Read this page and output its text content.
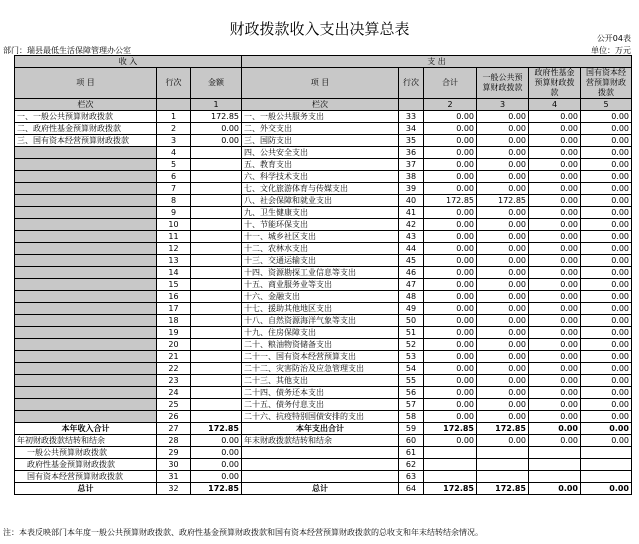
财政拨款收入支出决算总表
公开04表
部门：瑞县最低生活保障管理办公室	单位：万元
收 入			支 出					
项 目	行次	金额	项 目	行次	合计	一般公共预算财政拨款	政府性基金预算财政拨款	国有资本经营预算财政拨款
栏次		1	栏次		2	3	4	5
一、一般公共预算财政拨款	1	172.85	一、一般公共服务支出	33	0.00	0.00	0.00	0.00
二、政府性基金预算财政拨款	2	0.00	二、外交支出	34	0.00	0.00	0.00	0.00
三、国有资本经营预算财政拨款	3	0.00	三、国防支出	35	0.00	0.00	0.00	0.00
	4		四、公共安全支出	36	0.00	0.00	0.00	0.00
	5		五、教育支出	37	0.00	0.00	0.00	0.00
	6		六、科学技术支出	38	0.00	0.00	0.00	0.00
	7		七、文化旅游体育与传媒支出	39	0.00	0.00	0.00	0.00
	8		八、社会保障和就业支出	40	172.85	172.85	0.00	0.00
	9		九、卫生健康支出	41	0.00	0.00	0.00	0.00
	10		十、节能环保支出	42	0.00	0.00	0.00	0.00
	11		十一、城乡社区支出	43	0.00	0.00	0.00	0.00
	12		十二、农林水支出	44	0.00	0.00	0.00	0.00
	13		十三、交通运输支出	45	0.00	0.00	0.00	0.00
	14		十四、资源勘探工业信息等支出	46	0.00	0.00	0.00	0.00
	15		十五、商业服务业等支出	47	0.00	0.00	0.00	0.00
	16		十六、金融支出	48	0.00	0.00	0.00	0.00
	17		十七、援助其他地区支出	49	0.00	0.00	0.00	0.00
	18		十八、自然资源海洋气象等支出	50	0.00	0.00	0.00	0.00
	19		十九、住房保障支出	51	0.00	0.00	0.00	0.00
	20		二十、粮油物资储备支出	52	0.00	0.00	0.00	0.00
	21		二十一、国有资本经营预算支出	53	0.00	0.00	0.00	0.00
	22		二十二、灾害防治及应急管理支出	54	0.00	0.00	0.00	0.00
	23		二十三、其他支出	55	0.00	0.00	0.00	0.00
	24		二十四、债务还本支出	56	0.00	0.00	0.00	0.00
	25		二十五、债务付息支出	57	0.00	0.00	0.00	0.00
	26		二十六、抗疫特别国债安排的支出	58	0.00	0.00	0.00	0.00
本年收入合计	27	172.85	本年支出合计	59	172.85	172.85	0.00	0.00
年初财政拨款结转和结余	28	0.00	年末财政拨款结转和结余	60	0.00	0.00	0.00	0.00
一般公共预算财政拨款	29	0.00		61				
政府性基金预算财政拨款	30	0.00		62				
国有资本经营预算财政拨款	31	0.00		63				
总计	32	172.85	总计	64	172.85	172.85	0.00	0.00
注：本表反映部门本年度一般公共预算财政拨款、政府性基金预算财政拨款和国有资本经营预算财政拨款的总收支和年末结转结余情况。
